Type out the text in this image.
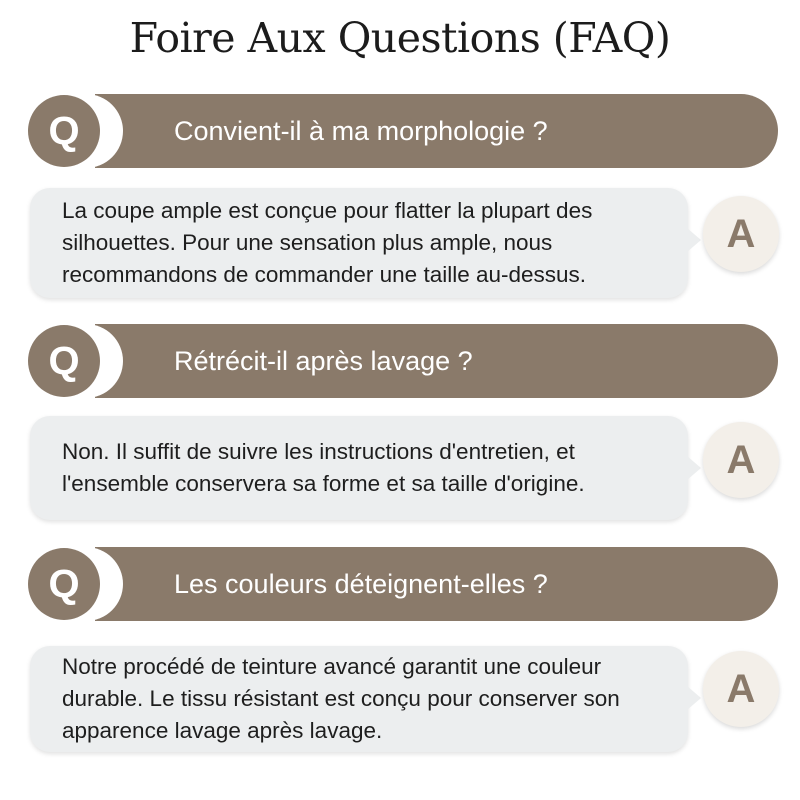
Foire Aux Questions (FAQ)
Q	Convient-il à ma morphologie ?
La coupe ample est conçue pour flatter la plupart des silhouettes. Pour une sensation plus ample, nous recommandons de commander une taille au-dessus.
A
Q	Rétrécit-il après lavage ?
Non. Il suffit de suivre les instructions d'entretien, et l'ensemble conservera sa forme et sa taille d'origine.
A
Q	Les couleurs déteignent-elles ?
Notre procédé de teinture avancé garantit une couleur durable. Le tissu résistant est conçu pour conserver son apparence lavage après lavage.
A
